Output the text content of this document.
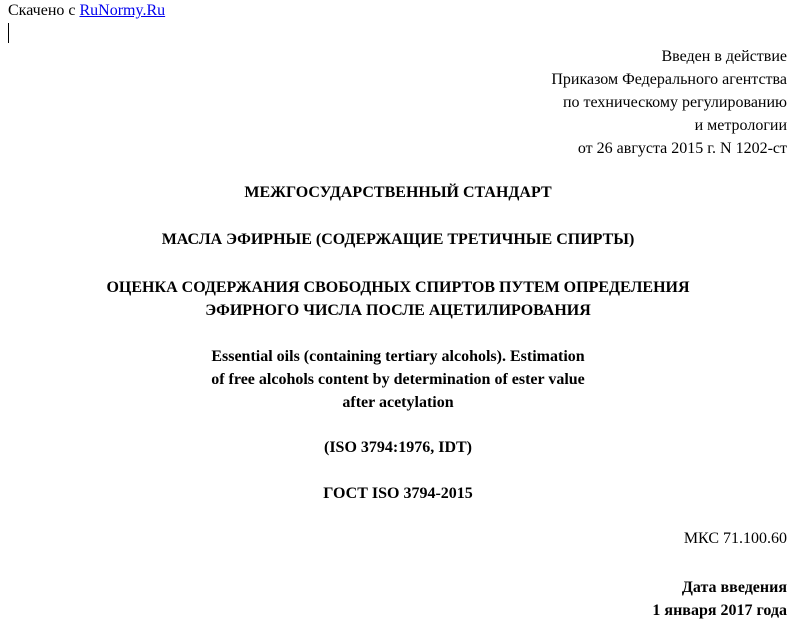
Скачено с RuNormy.Ru
Введен в действие
Приказом Федерального агентства
по техническому регулированию
и метрологии
от 26 августа 2015 г. N 1202-ст
МЕЖГОСУДАРСТВЕННЫЙ СТАНДАРТ
МАСЛА ЭФИРНЫЕ (СОДЕРЖАЩИЕ ТРЕТИЧНЫЕ СПИРТЫ)
ОЦЕНКА СОДЕРЖАНИЯ СВОБОДНЫХ СПИРТОВ ПУТЕМ ОПРЕДЕЛЕНИЯ
ЭФИРНОГО ЧИСЛА ПОСЛЕ АЦЕТИЛИРОВАНИЯ
Essential oils (containing tertiary alcohols). Estimation
of free alcohols content by determination of ester value
after acetylation
(ISO 3794:1976, IDT)
ГОСТ ISO 3794-2015
МКС 71.100.60
Дата введения
1 января 2017 года
